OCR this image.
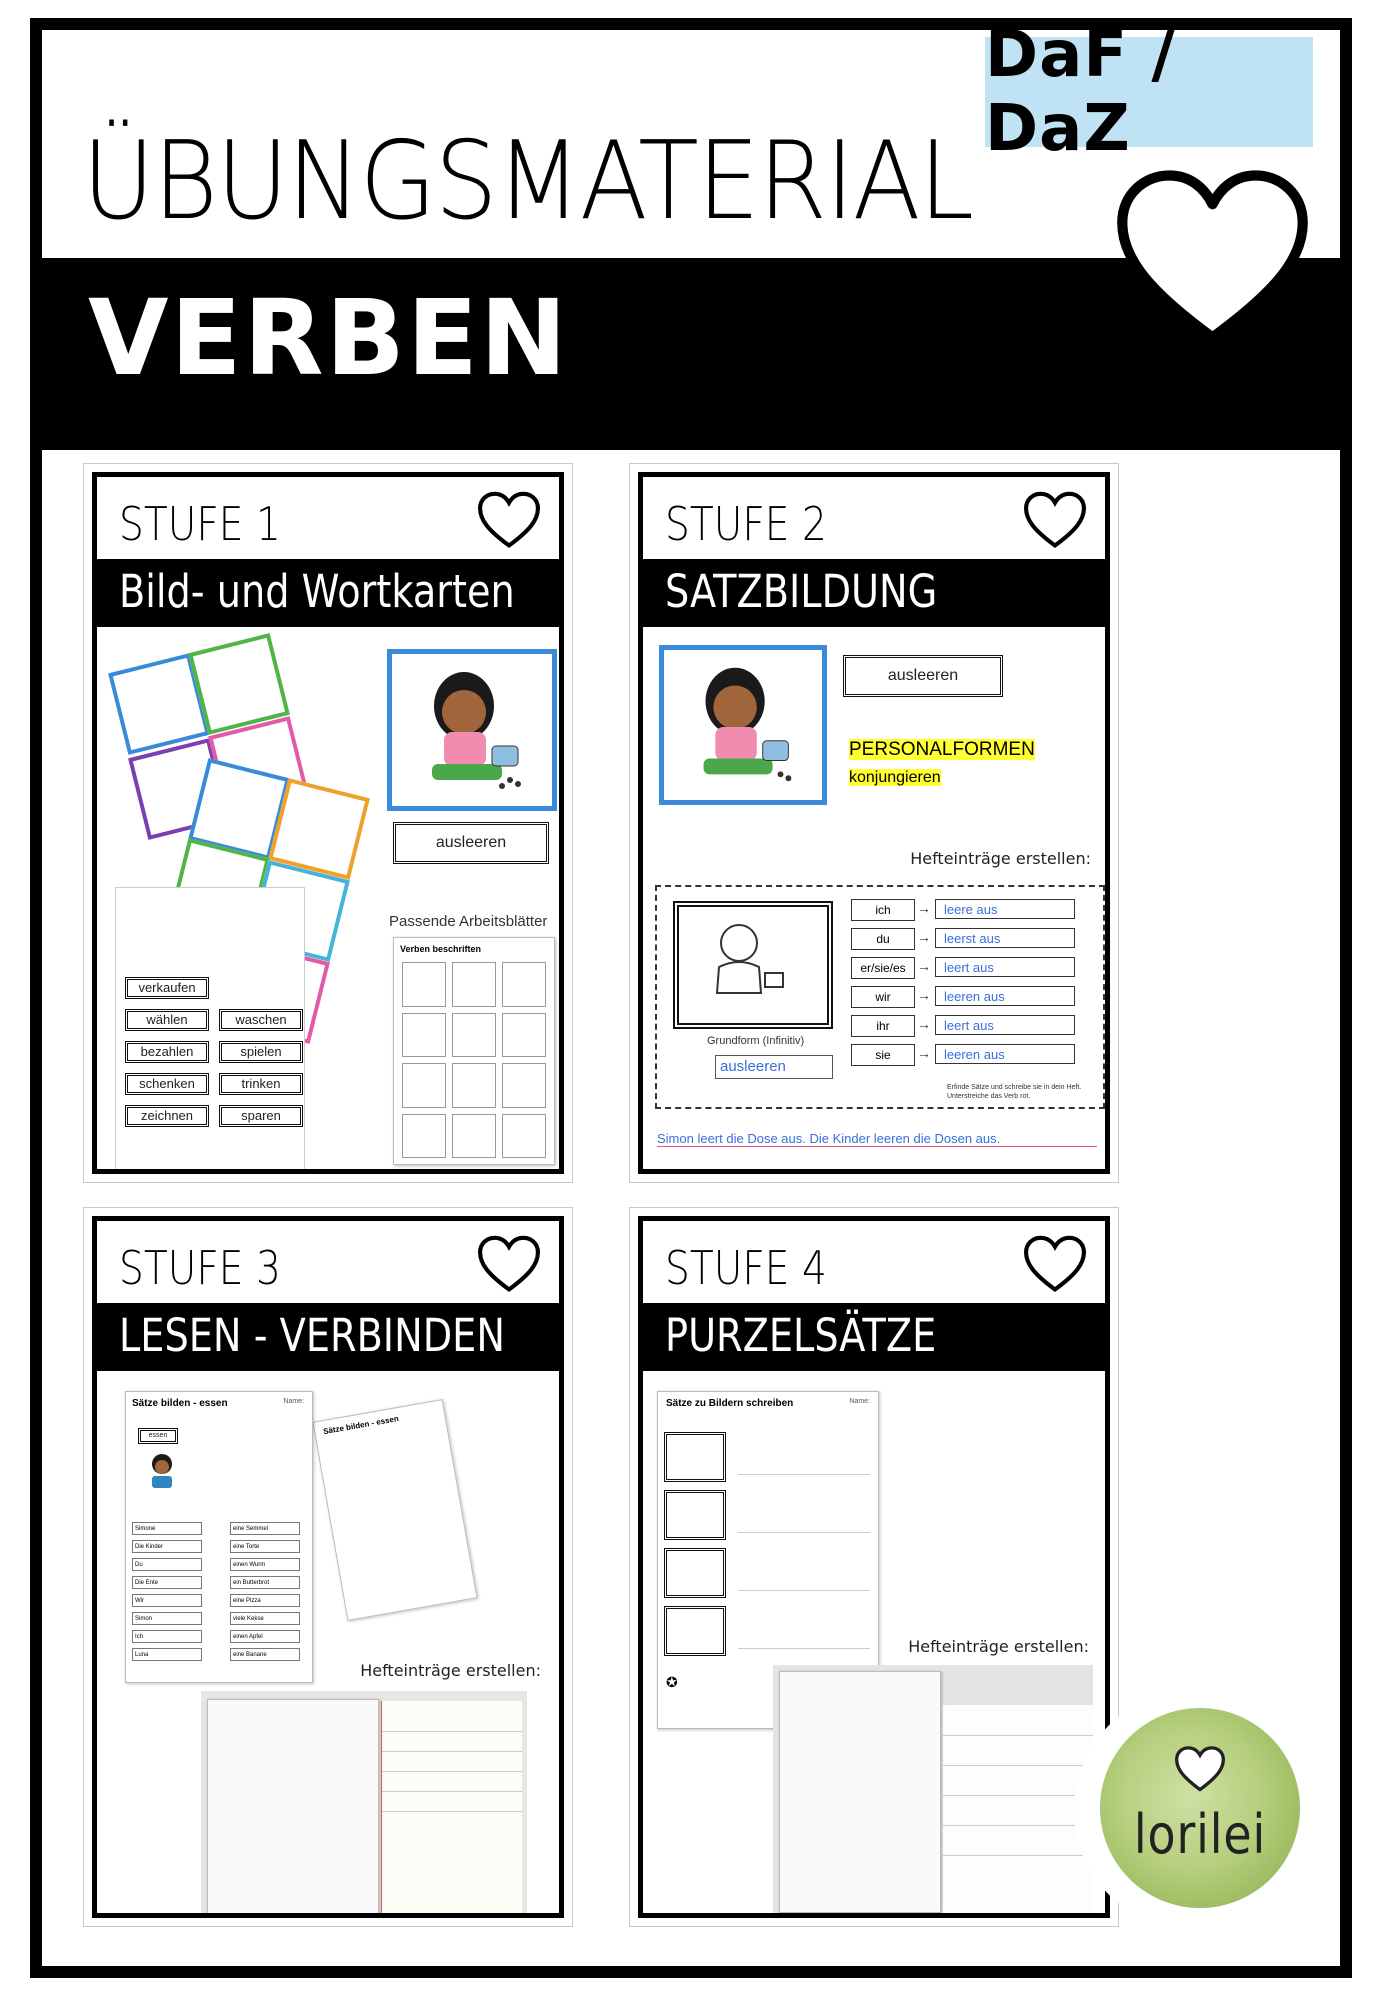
DaF / DaZ
ÜBUNGSMATERIAL
VERBEN
STUFE 1
Bild- und Wortkarten
ausleeren
verkaufen
wählen	waschen
bezahlen	spielen
schenken	trinken
zeichnen	sparen
Passende Arbeitsblätter
Verben beschriften
STUFE 2
SATZBILDUNG
ausleeren
PERSONALFORMEN
konjungieren
Hefteinträge erstellen:
Grundform (Infinitiv)
ausleeren
ich	→	leere aus
du	→	leerst aus
er/sie/es →	leert aus
wir	→	leeren aus
ihr	→	leert aus
sie	→	leeren aus
Erfinde Sätze und schreibe sie in dein Heft. Unterstreiche das Verb rot.
Simon leert die Dose aus. Die Kinder leeren die Dosen aus.
STUFE 3
LESEN - VERBINDEN
Sätze bilden - essen
Sätze bilden - essen	Name:
essen
Simone	eine Semmel
Die Kinder	eine Torte
Du	einen Wurm
Die Ente	ein Butterbrot
Wir	eine Pizza
Simon	viele Kekse
Ich	einen Apfel
Luna	eine Banane
Hefteinträge erstellen:
STUFE 4
PURZELSÄTZE
Sätze zu Bildern schreiben	Name:
✪
Hefteinträge erstellen:
lorilei
